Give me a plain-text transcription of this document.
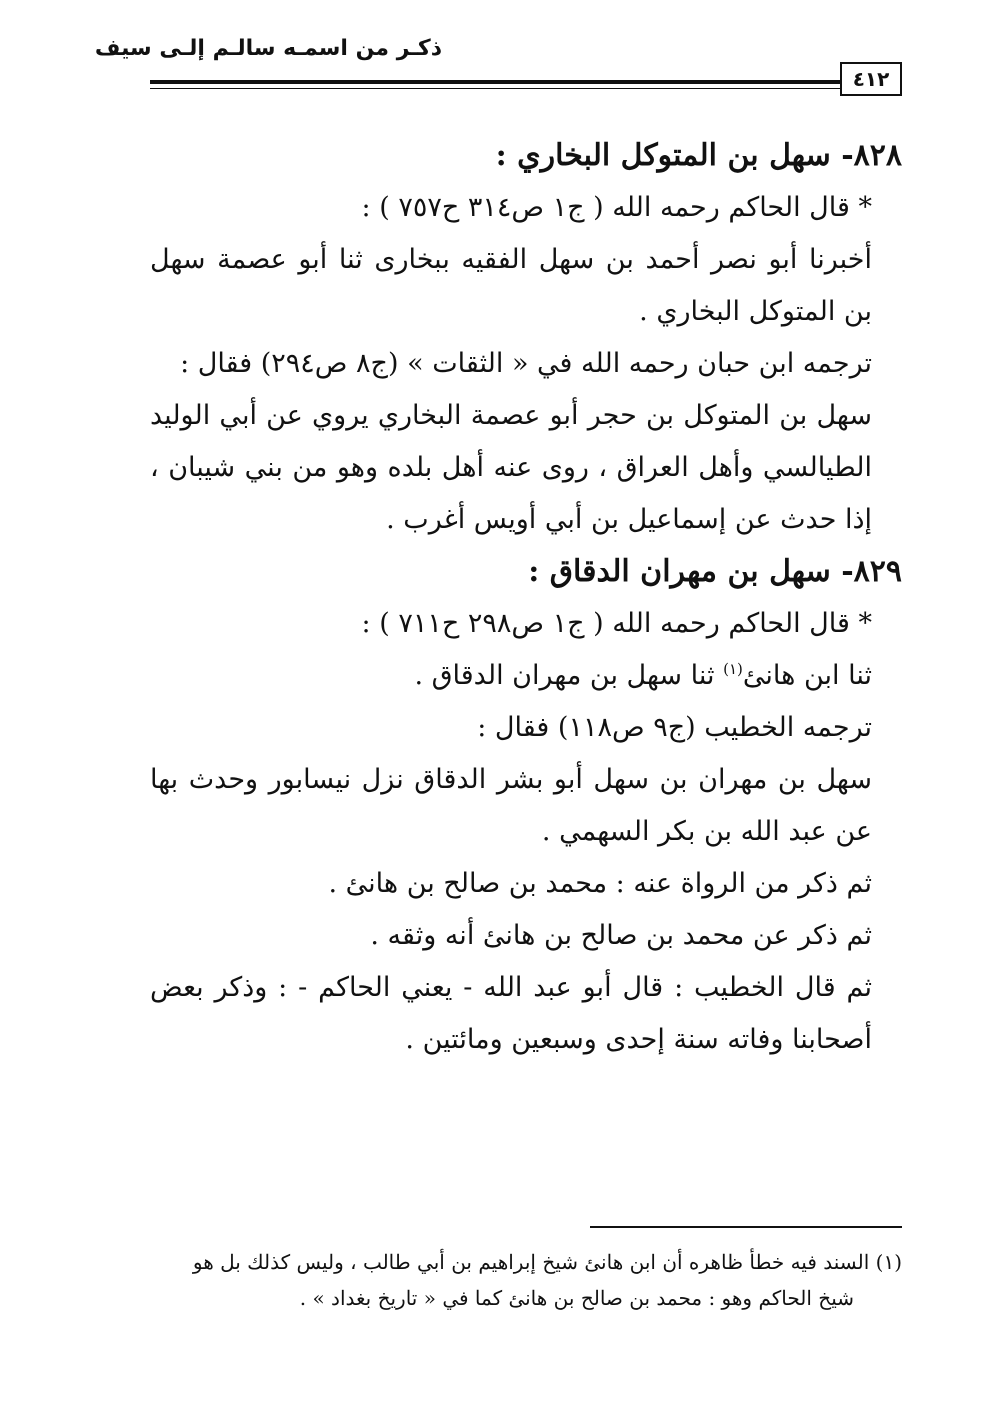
ذكـر من اسمـه سالـم إلـى سيف
٤١٢

٨٢٨- سهل بن المتوكل البخاري :

* قال الحاكم رحمه الله ( ج١ ص٣١٤ ح٧٥٧ ) :

أخبرنا أبو نصر أحمد بن سهل الفقيه ببخارى ثنا أبو عصمة سهل بن المتوكل البخاري .

ترجمه ابن حبان رحمه الله في « الثقات » (ج٨ ص٢٩٤) فقال :

سهل بن المتوكل بن حجر أبو عصمة البخاري يروي عن أبي الوليد الطيالسي وأهل العراق ، روى عنه أهل بلده وهو من بني شيبان ، إذا حدث عن إسماعيل بن أبي أويس أغرب .

٨٢٩- سهل بن مهران الدقاق :

* قال الحاكم رحمه الله ( ج١ ص٢٩٨ ح٧١١ ) :

ثنا ابن هانئ$^{(١)}$ ثنا سهل بن مهران الدقاق .

ترجمه الخطيب (ج٩ ص١١٨) فقال :

سهل بن مهران بن سهل أبو بشر الدقاق نزل نيسابور وحدث بها عن عبد الله بن بكر السهمي .

ثم ذكر من الرواة عنه : محمد بن صالح بن هانئ .

ثم ذكر عن محمد بن صالح بن هانئ أنه وثقه .

ثم قال الخطيب : قال أبو عبد الله - يعني الحاكم - : وذكر بعض أصحابنا وفاته سنة إحدى وسبعين ومائتين .

(١) السند فيه خطأ ظاهره أن ابن هانئ شيخ إبراهيم بن أبي طالب ، وليس كذلك بل هو

شيخ الحاكم وهو : محمد بن صالح بن هانئ كما في « تاريخ بغداد » .
